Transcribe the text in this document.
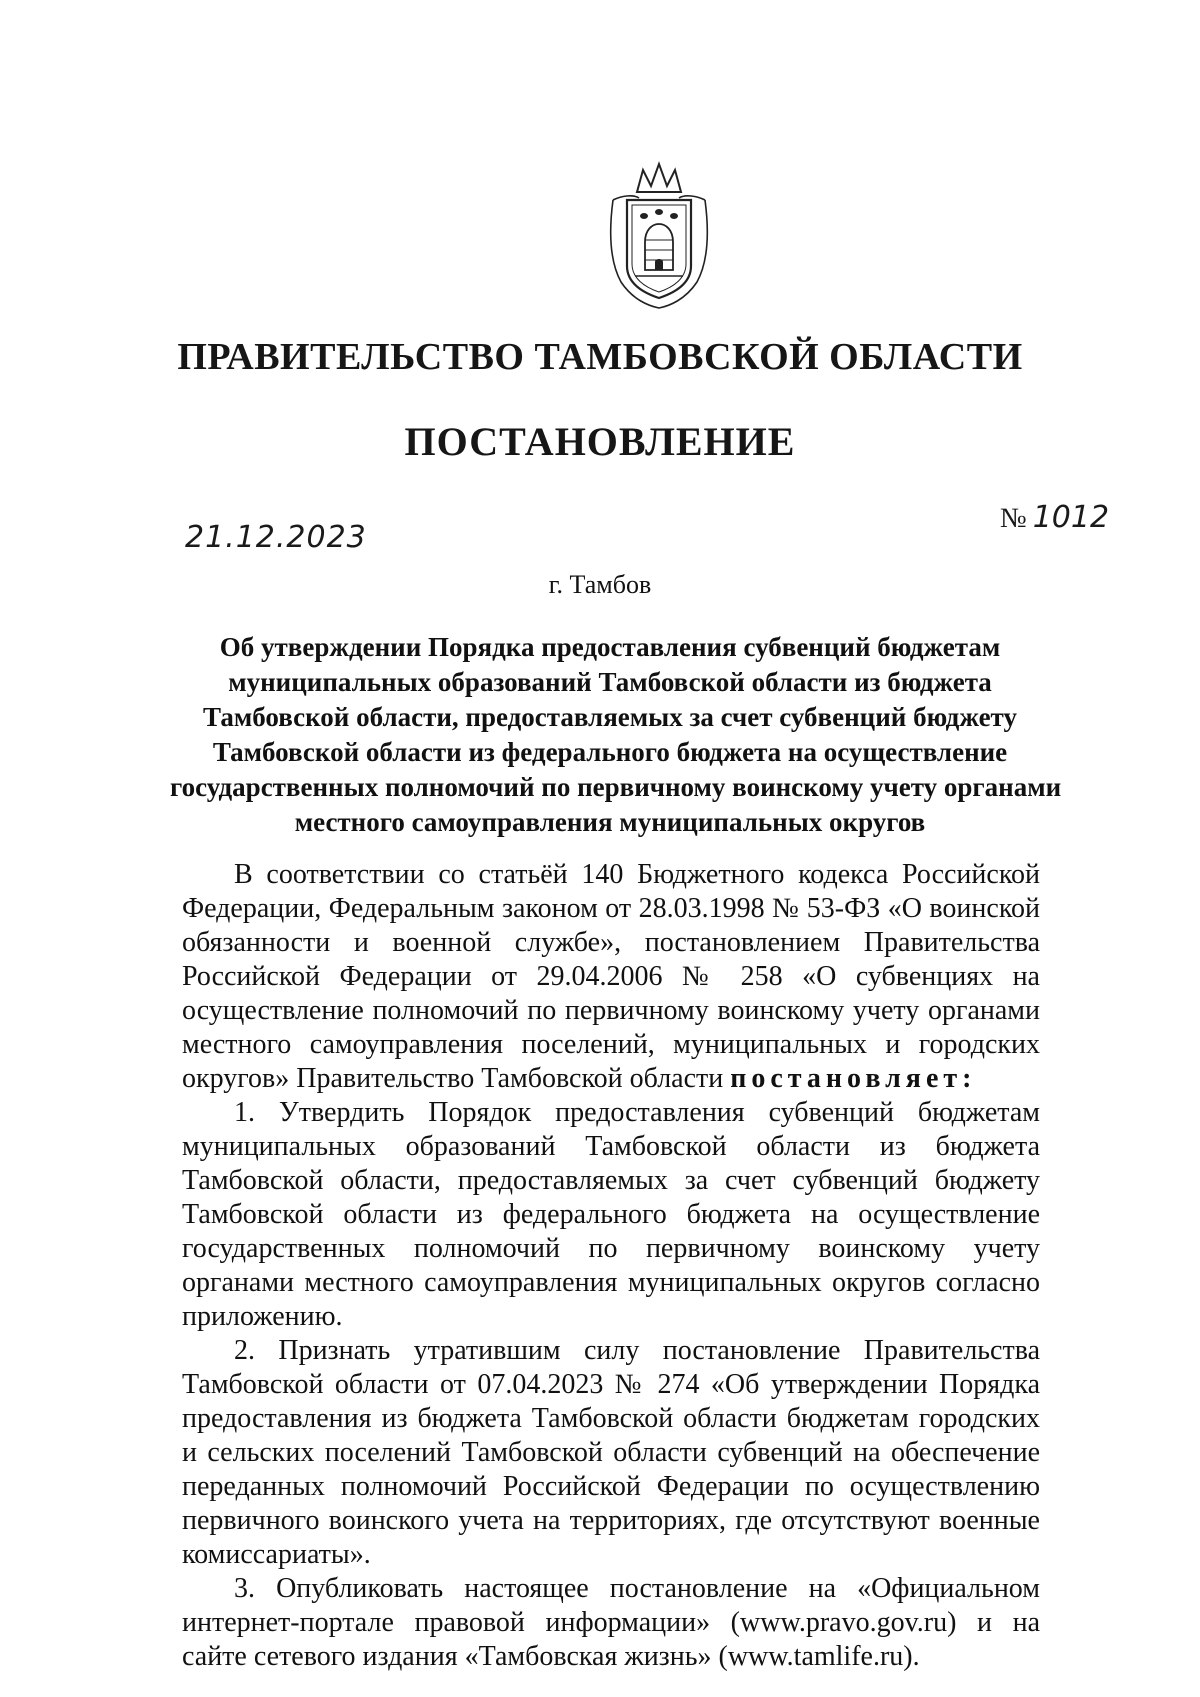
ПРАВИТЕЛЬСТВО ТАМБОВСКОЙ ОБЛАСТИ
ПОСТАНОВЛЕНИЕ
21.12.2023
№ 1012
г. Тамбов
Об утверждении Порядка предоставления субвенций бюджетам
муниципальных образований Тамбовской области из бюджета
Тамбовской области, предоставляемых за счет субвенций бюджету
Тамбовской области из федерального бюджета на осуществление
государственных полномочий по первичному воинскому учету органами
местного самоуправления муниципальных округов

В соответствии со статьёй 140 Бюджетного кодекса Российской Федерации, Федеральным законом от 28.03.1998 № 53-ФЗ «О воинской обязанности и военной службе», постановлением Правительства Российской Федерации от 29.04.2006 № 258 «О субвенциях на осуществление полномочий по первичному воинскому учету органами местного самоуправления поселений, муниципальных и городских округов» Правительство Тамбовской области постановляет:

1. Утвердить Порядок предоставления субвенций бюджетам муниципальных образований Тамбовской области из бюджета Тамбовской области, предоставляемых за счет субвенций бюджету Тамбовской области из федерального бюджета на осуществление государственных полномочий по первичному воинскому учету органами местного самоуправления муниципальных округов согласно приложению.

2. Признать утратившим силу постановление Правительства Тамбовской области от 07.04.2023 № 274 «Об утверждении Порядка предоставления из бюджета Тамбовской области бюджетам городских и сельских поселений Тамбовской области субвенций на обеспечение переданных полномочий Российской Федерации по осуществлению первичного воинского учета на территориях, где отсутствуют военные комиссариаты».

3. Опубликовать настоящее постановление на «Официальном интернет-портале правовой информации» (www.pravo.gov.ru) и на сайте сетевого издания «Тамбовская жизнь» (www.tamlife.ru).
